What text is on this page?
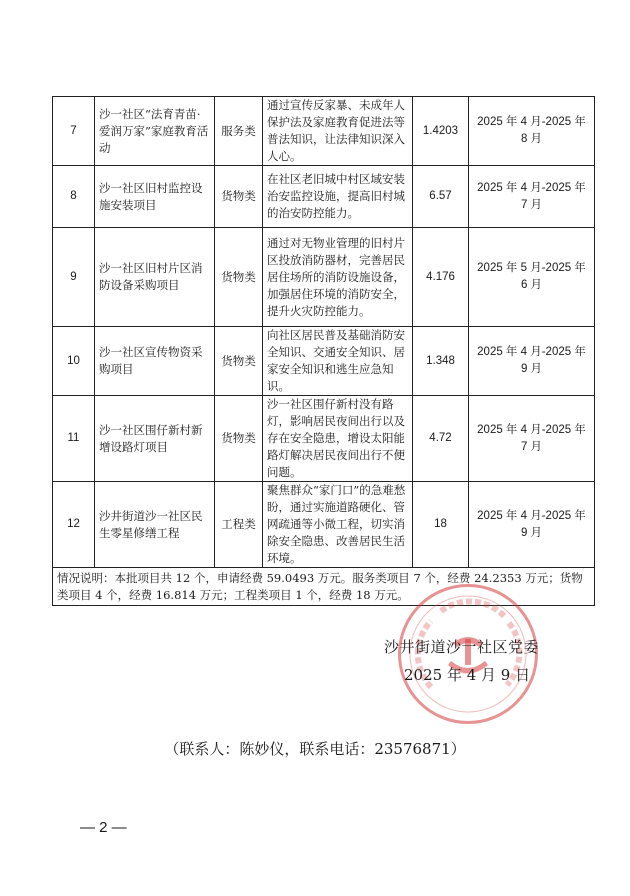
7	沙一社区“法育青苗·爱润万家”家庭教育活动	服务类	通过宣传反家暴、未成年人保护法及家庭教育促进法等普法知识，让法律知识深入人心。	1.4203	2025 年 4 月-2025 年 8 月
8	沙一社区旧村监控设施安装项目	货物类	在社区老旧城中村区域安装治安监控设施，提高旧村城的治安防控能力。	6.57	2025 年 4 月-2025 年 7 月
9	沙一社区旧村片区消防设备采购项目	货物类	通过对无物业管理的旧村片区投放消防器材，完善居民居住场所的消防设施设备，加强居住环境的消防安全，提升火灾防控能力。	4.176	2025 年 5 月-2025 年 6 月
10	沙一社区宣传物资采购项目	货物类	向社区居民普及基础消防安全知识、交通安全知识、居家安全知识和逃生应急知识。	1.348	2025 年 4 月-2025 年 9 月
11	沙一社区围仔新村新增设路灯项目	货物类	沙一社区围仔新村没有路灯，影响居民夜间出行以及存在安全隐患，增设太阳能路灯解决居民夜间出行不便问题。	4.72	2025 年 4 月-2025 年 7 月
12	沙井街道沙一社区民生零星修缮工程	工程类	聚焦群众“家门口”的急难愁盼，通过实施道路硬化、管网疏通等小微工程，切实消除安全隐患、改善居民生活环境。	18	2025 年 4 月-2025 年 9 月
情况说明：本批项目共 12 个，申请经费 59.0493 万元。服务类项目 7 个，经费 24.2353 万元；货物类项目 4 个，经费 16.814 万元；工程类项目 1 个，经费 18 万元。					
沙井街道沙一社区党委
2025 年 4 月 9 日
（联系人：陈妙仪，联系电话：23576871）
— 2 —
